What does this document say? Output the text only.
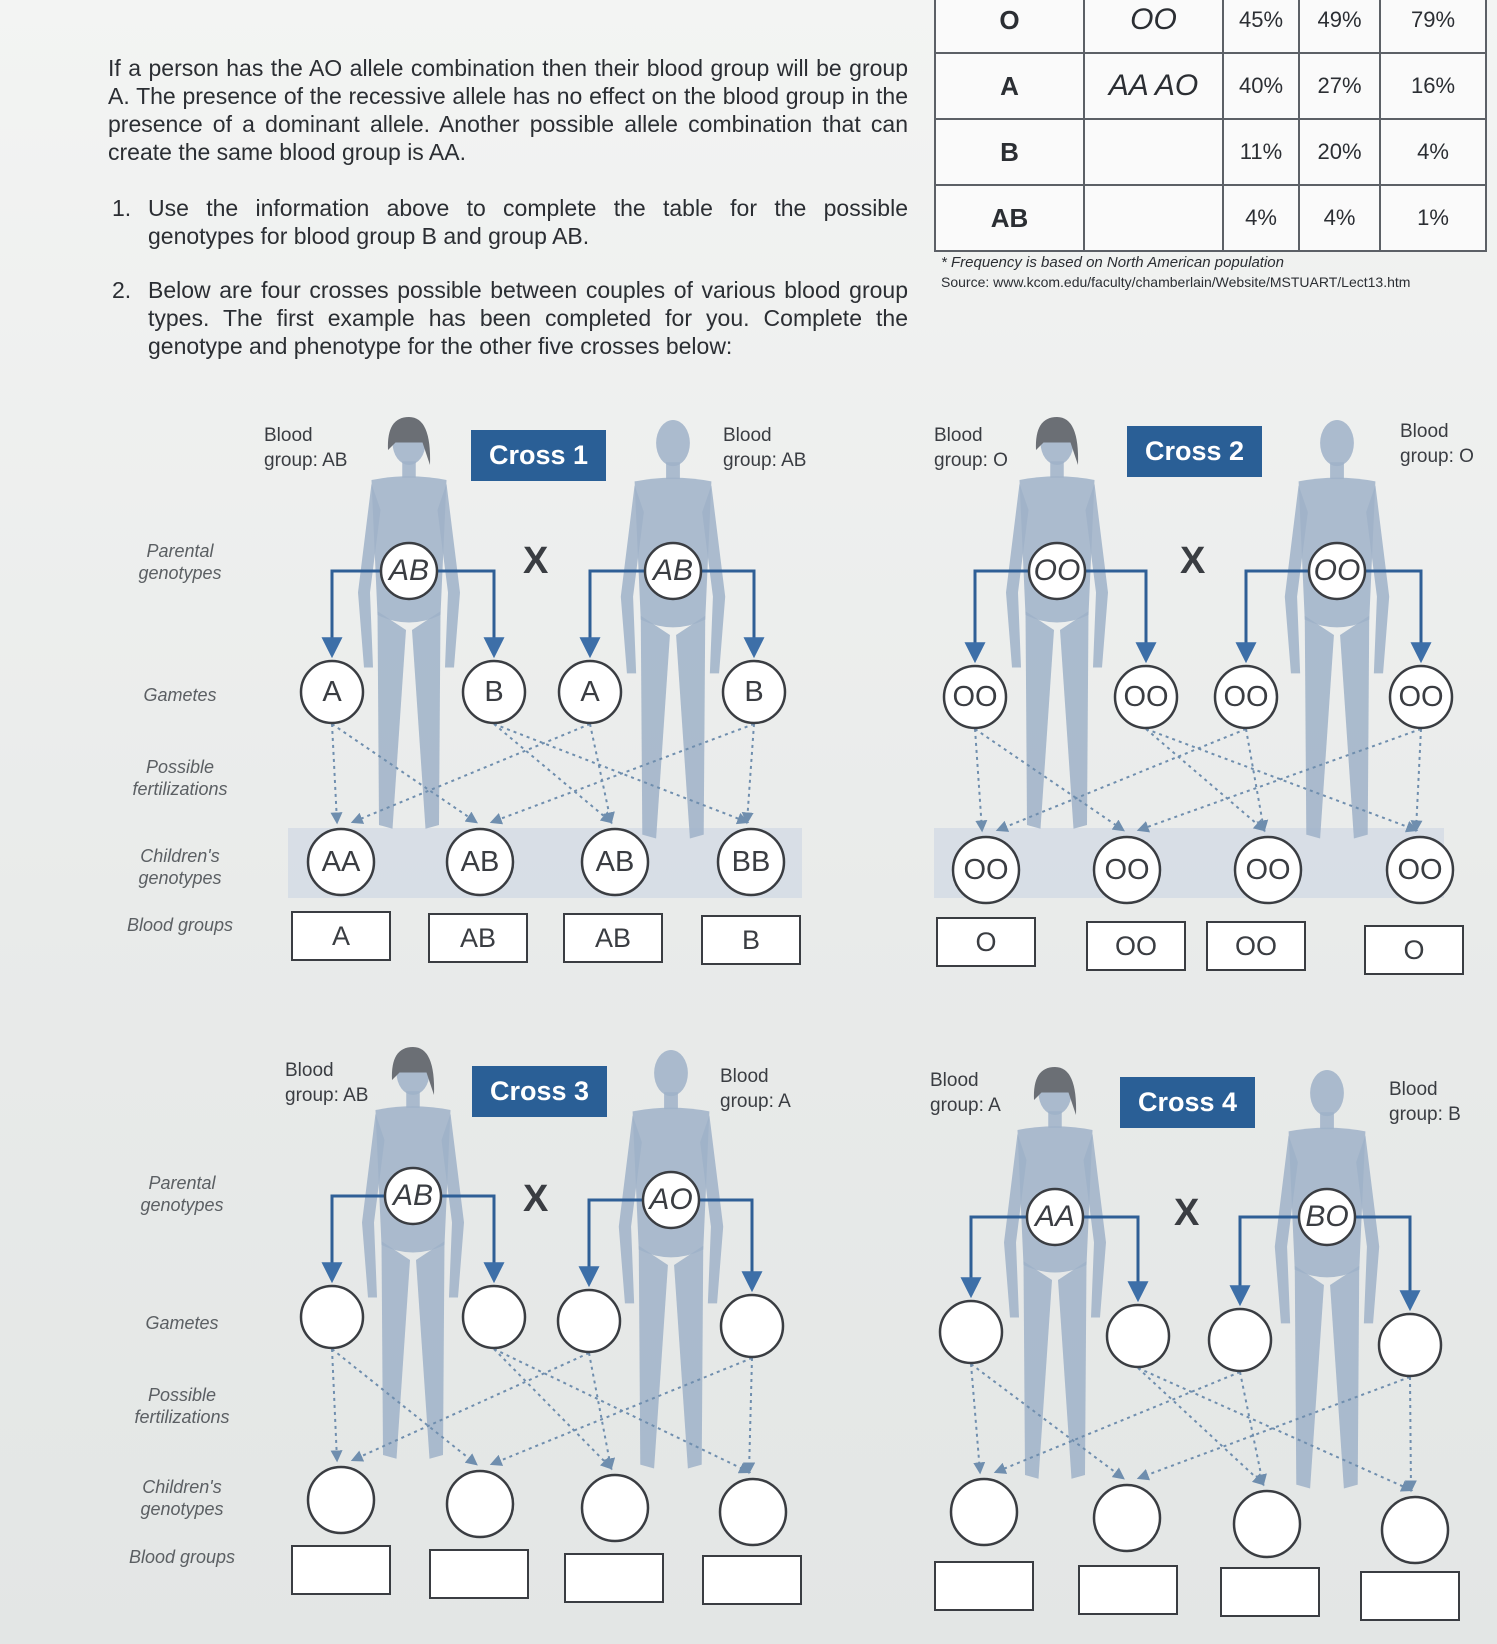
If a person has the AO allele combination then their blood group will be group A. The presence of the recessive allele has no effect on the blood group in the presence of a dominant allele. Another possible allele combination that can create the same blood group is AA.
1. Use the information above to complete the table for the possible genotypes for blood group B and group AB.
2. Below are four crosses possible between couples of various blood group types. The first example has been completed for you. Complete the genotype and phenotype for the other five crosses below:
O	OO	45%	49%	79%
A	AA AO	40%	27%	16%
B		11%	20%	4%
AB		4%	4%	1%
* Frequency is based on North American population
Source: www.kcom.edu/faculty/chamberlain/Website/MSTUART/Lect13.htm
Parental genotypes
Gametes
Possible fertilizations
Children's genotypes
Blood groups
Parental genotypes
Gametes
Possible fertilizations
Children's genotypes
Blood groups
Cross 1	Cross 2
Cross 3	Cross 4
Blood group: AB
Blood group: AB
Blood group: O
Blood group: O
Blood group: AB
Blood group: A
Blood group: A
Blood group: B
X	X
X	X
AB	AB
A	B	A	B
AA	AB	AB	BB
A	AB	AB	B
OO	OO
OO	OO	OO	OO
OO	OO	OO	OO
O	OO	OO	O
AB	AO
AA	BO
